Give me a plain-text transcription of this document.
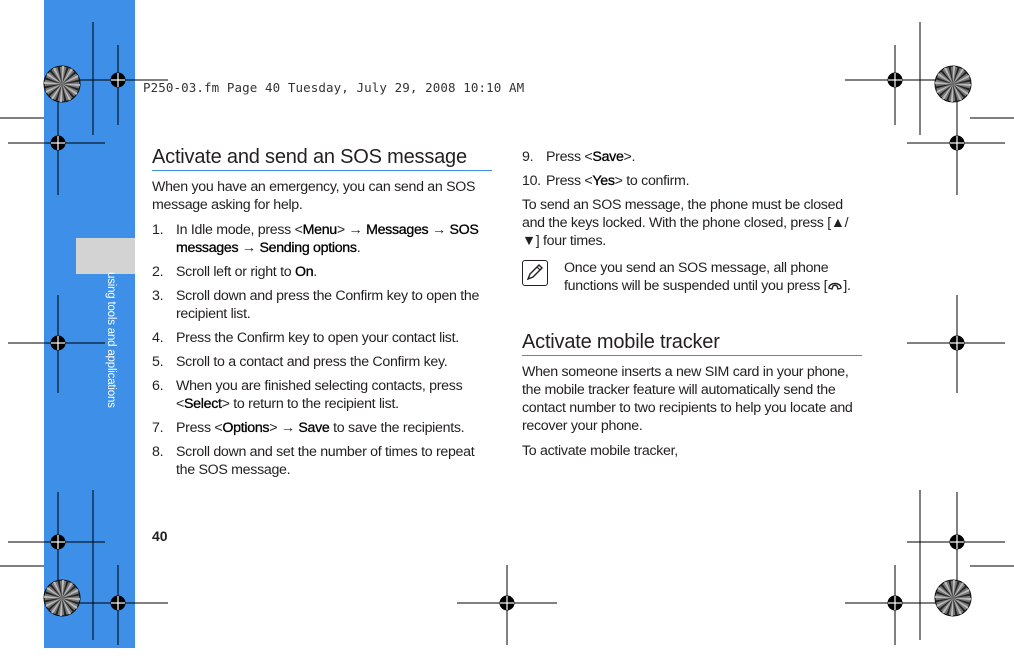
using tools and applications
40
P250-03.fm Page 40 Tuesday, July 29, 2008 10:10 AM
Activate and send an SOS message

When you have an emergency, you can send an SOS message asking for help.

1. In Idle mode, press <Menu> → Messages → SOS messages → Sending options.
2. Scroll left or right to On.
3. Scroll down and press the Confirm key to open the recipient list.
4. Press the Confirm key to open your contact list.
5. Scroll to a contact and press the Confirm key.
6. When you are finished selecting contacts, press <Select> to return to the recipient list.
7. Press <Options> → Save to save the recipients.
8. Scroll down and set the number of times to repeat the SOS message.
9. Press <Save>.
10. Press <Yes> to confirm.

To send an SOS message, the phone must be closed and the keys locked. With the phone closed, press [▲/▼] four times.

Once you send an SOS message, all phone functions will be suspended until you press [ ].
Activate mobile tracker

When someone inserts a new SIM card in your phone, the mobile tracker feature will automatically send the contact number to two recipients to help you locate and recover your phone.

To activate mobile tracker,
